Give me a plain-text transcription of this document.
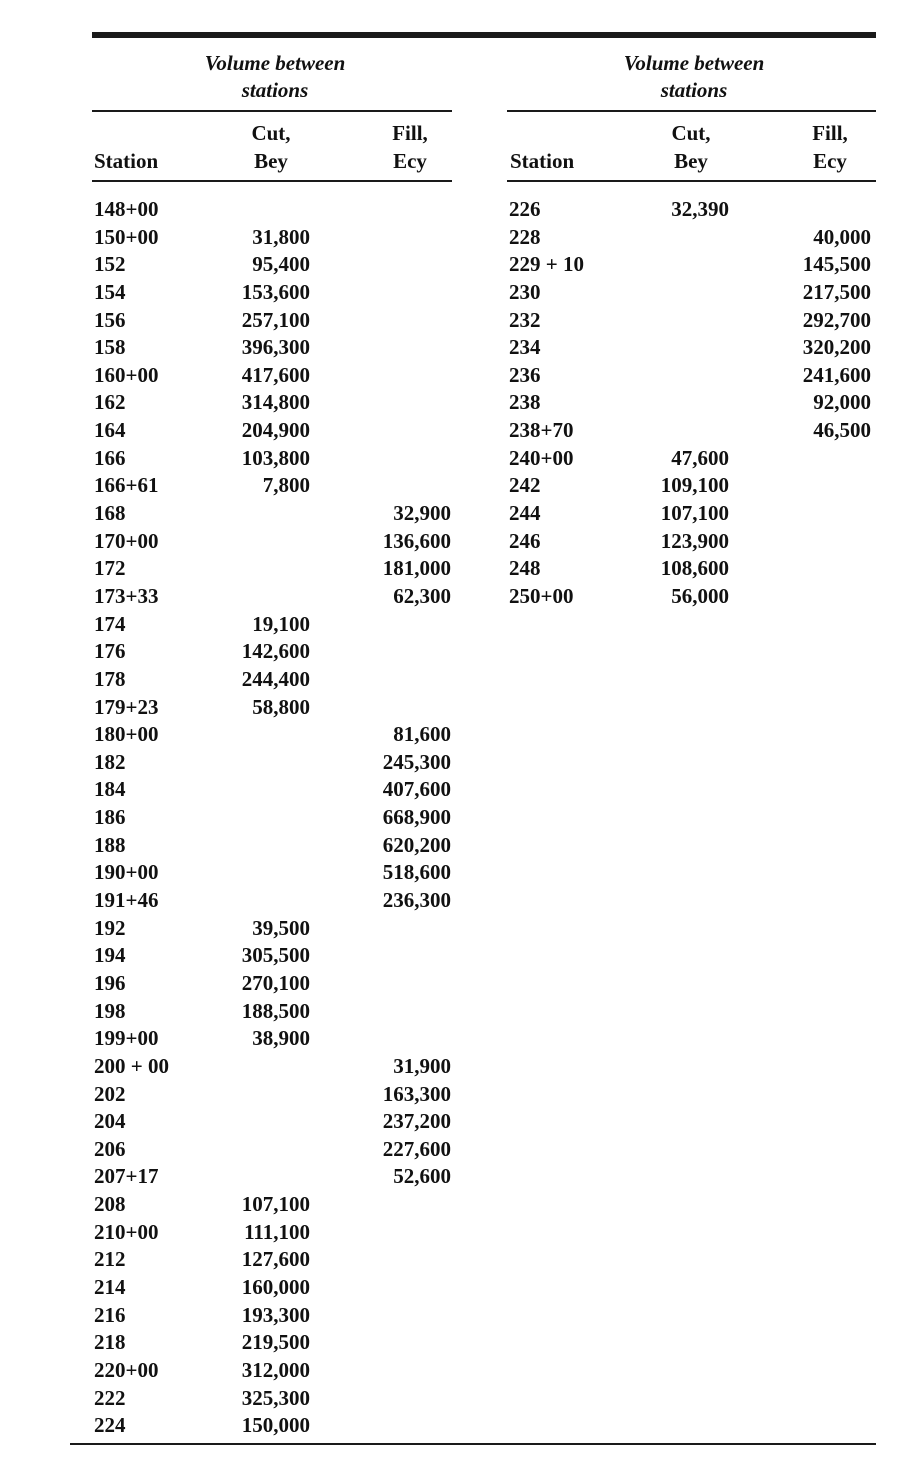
Volume between
stations
Volume between
stations
Station
Cut,
Bey
Fill,
Ecy	Station
Cut,
Bey
Fill,
Ecy
148+00
150+00
152
154
156
158
160+00
162
164
166
166+61
168
170+00
172
173+33
174
176
178
179+23
180+00
182
184
186
188
190+00
191+46
192
194
196
198
199+00
200 + 00
202
204
206
207+17
208
210+00
212
214
216
218
220+00
222
224
31,800
95,400
153,600
257,100
396,300
417,600
314,800
204,900
103,800
7,800
19,100
142,600
244,400
58,800
39,500
305,500
270,100
188,500
38,900
107,100
111,100
127,600
160,000
193,300
219,500
312,000
325,300
150,000
32,900
136,600
181,000
62,300
81,600
245,300
407,600
668,900
620,200
518,600
236,300
31,900
163,300
237,200
227,600
52,600
226
228
229 + 10
230
232
234
236
238
238+70
240+00
242
244
246
248
250+00
32,390
47,600
109,100
107,100
123,900
108,600
56,000
40,000
145,500
217,500
292,700
320,200
241,600
92,000
46,500
